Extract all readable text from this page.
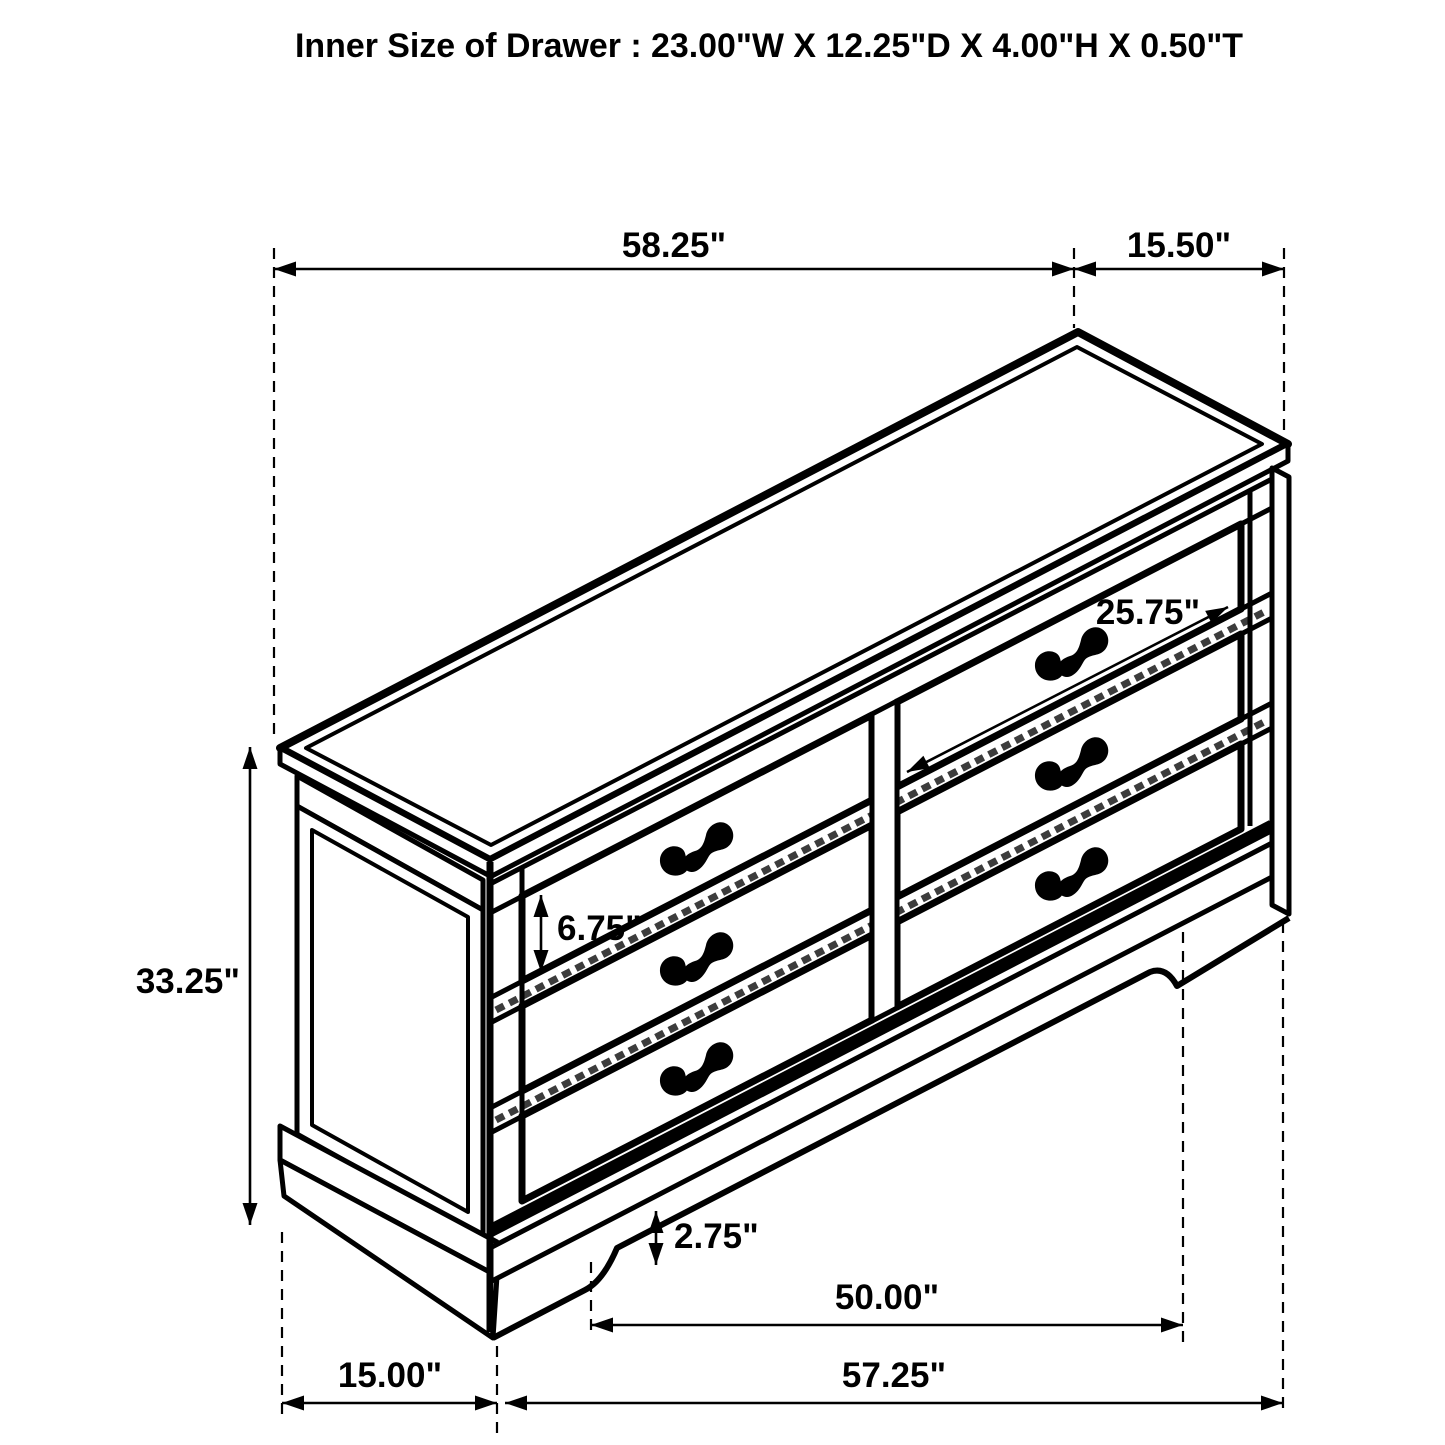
Inner Size of Drawer : 23.00"W X 12.25"D X 4.00"H X 0.50"T
58.25"	15.50"
33.25"
6.75"
25.75"
2.75"
50.00"
15.00"	57.25"
